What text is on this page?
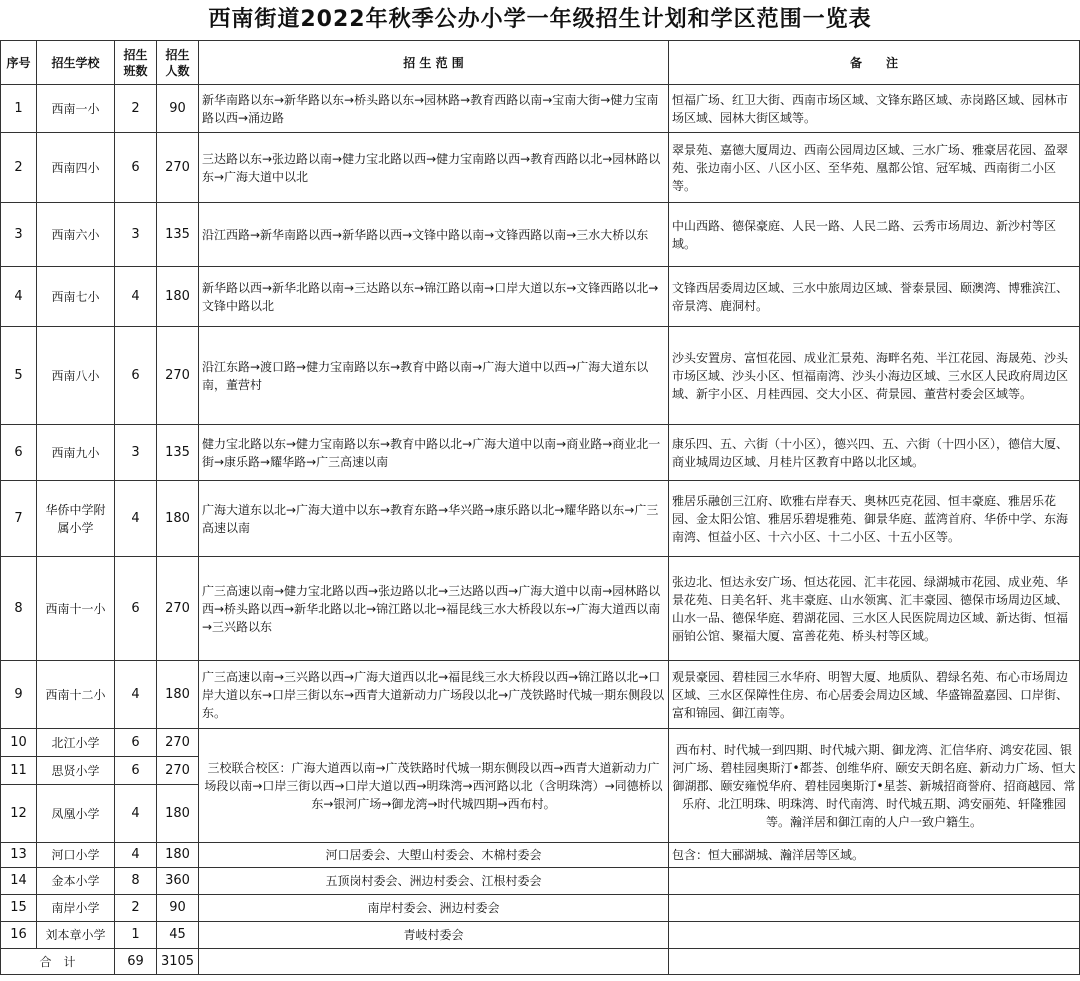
西南街道2022年秋季公办小学一年级招生计划和学区范围一览表
序号	招生学校	招生班数	招生人数	招 生 范 围	备　　注
1	西南一小	2	90	新华南路以东→新华路以东→桥头路以东→园林路→教育西路以南→宝南大街→健力宝南路以西→涌边路	恒福广场、红卫大街、西南市场区域、文锋东路区域、赤岗路区域、园林市场区域、园林大街区域等。
2	西南四小	6	270	三达路以东→张边路以南→健力宝北路以西→健力宝南路以西→教育西路以北→园林路以东→广海大道中以北	翠景苑、嘉德大厦周边、西南公园周边区域、三水广场、雅豪居花园、盈翠苑、张边南小区、八区小区、至华苑、凰都公馆、冠军城、西南街二小区等。
3	西南六小	3	135	沿江西路→新华南路以西→新华路以西→文锋中路以南→文锋西路以南→三水大桥以东	中山西路、德保豪庭、人民一路、人民二路、云秀市场周边、新沙村等区域。
4	西南七小	4	180	新华路以西→新华北路以南→三达路以东→锦江路以南→口岸大道以东→文锋西路以北→文锋中路以北	文锋西居委周边区域、三水中旅周边区域、誉泰景园、颐澳湾、博雅滨江、帝景湾、鹿洞村。
5	西南八小	6	270	沿江东路→渡口路→健力宝南路以东→教育中路以南→广海大道中以西→广海大道东以南，董营村	沙头安置房、富恒花园、成业汇景苑、海畔名苑、半江花园、海晟苑、沙头市场区域、沙头小区、恒福南湾、沙头小海边区域、三水区人民政府周边区域、新宇小区、月桂西园、交大小区、荷景园、董营村委会区域等。
6	西南九小	3	135	健力宝北路以东→健力宝南路以东→教育中路以北→广海大道中以南→商业路→商业北一街→康乐路→耀华路→广三高速以南	康乐四、五、六街（十小区），德兴四、五、六街（十四小区），德信大厦、商业城周边区域、月桂片区教育中路以北区域。
7	华侨中学附属小学	4	180	广海大道东以北→广海大道中以东→教育东路→华兴路→康乐路以北→耀华路以东→广三高速以南	雅居乐融创三江府、欧雅右岸春天、奥林匹克花园、恒丰豪庭、雅居乐花园、金太阳公馆、雅居乐碧堤雅苑、御景华庭、蓝湾首府、华侨中学、东海南湾、恒益小区、十六小区、十二小区、十五小区等。
8	西南十一小	6	270	广三高速以南→健力宝北路以西→张边路以北→三达路以西→广海大道中以南→园林路以西→桥头路以西→新华北路以北→锦江路以北→福昆线三水大桥段以东→广海大道西以南→三兴路以东	张边北、恒达永安广场、恒达花园、汇丰花园、绿湖城市花园、成业苑、华景花苑、日美名轩、兆丰豪庭、山水领寓、汇丰豪园、德保市场周边区域、山水一品、德保华庭、碧湖花园、三水区人民医院周边区域、新达街、恒福丽铂公馆、聚福大厦、富善花苑、桥头村等区域。
9	西南十二小	4	180	广三高速以南→三兴路以西→广海大道西以北→福昆线三水大桥段以西→锦江路以北→口岸大道以东→口岸三街以东→西青大道新动力广场段以北→广茂铁路时代城一期东侧段以东。	观景豪园、碧桂园三水华府、明智大厦、地质队、碧绿名苑、布心市场周边区域、三水区保障性住房、布心居委会周边区域、华盛锦盈嘉园、口岸街、富和锦园、御江南等。
10	北江小学	6	270	三校联合校区：广海大道西以南→广茂铁路时代城一期东侧段以西→西青大道新动力广场段以南→口岸三街以西→口岸大道以西→明珠湾→西河路以北（含明珠湾）→同德桥以东→银河广场→御龙湾→时代城四期→西布村。	西布村、时代城一到四期、时代城六期、御龙湾、汇信华府、鸿安花园、银河广场、碧桂园奥斯汀•都荟、创维华府、颐安天朗名庭、新动力广场、恒大御湖郡、颐安雍悦华府、碧桂园奥斯汀•星荟、新城招商誉府、招商越园、常乐府、北江明珠、明珠湾、时代南湾、时代城五期、鸿安丽苑、轩隆雅园等。瀚洋居和御江南的人户一致户籍生。
11	思贤小学	6	270		
12	凤凰小学	4	180		
13	河口小学	4	180	河口居委会、大塱山村委会、木棉村委会	包含：恒大郦湖城、瀚洋居等区域。
14	金本小学	8	360	五顶岗村委会、洲边村委会、江根村委会	
15	南岸小学	2	90	南岸村委会、洲边村委会	
16	刘本章小学	1	45	青岐村委会	
合　计		69	3105		
